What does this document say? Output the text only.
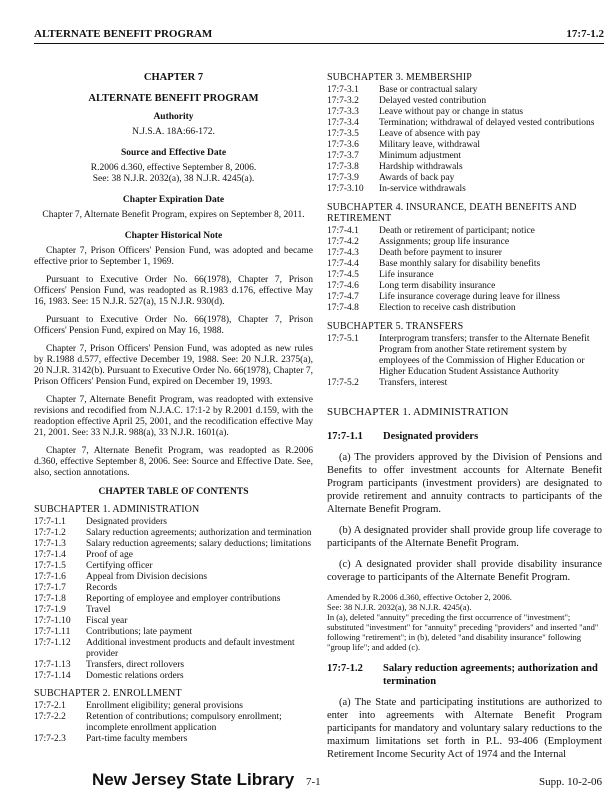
ALTERNATE BENEFIT PROGRAM	17:7-1.2
CHAPTER 7
ALTERNATE BENEFIT PROGRAM
Authority
N.J.S.A. 18A:66-172.
Source and Effective Date
R.2006 d.360, effective September 8, 2006.
See: 38 N.J.R. 2032(a), 38 N.J.R. 4245(a).
Chapter Expiration Date
Chapter 7, Alternate Benefit Program, expires on September 8, 2011.
Chapter Historical Note
Chapter 7, Prison Officers' Pension Fund, was adopted and became effective prior to September 1, 1969.
Pursuant to Executive Order No. 66(1978), Chapter 7, Prison Officers' Pension Fund, was readopted as R.1983 d.176, effective May 16, 1983. See: 15 N.J.R. 527(a), 15 N.J.R. 930(d).
Pursuant to Executive Order No. 66(1978), Chapter 7, Prison Officers' Pension Fund, expired on May 16, 1988.
Chapter 7, Prison Officers' Pension Fund, was adopted as new rules by R.1988 d.577, effective December 19, 1988. See: 20 N.J.R. 2375(a), 20 N.J.R. 3142(b). Pursuant to Executive Order No. 66(1978), Chapter 7, Prison Officers' Pension Fund, expired on December 19, 1993.
Chapter 7, Alternate Benefit Program, was readopted with extensive revisions and recodified from N.J.A.C. 17:1-2 by R.2001 d.159, with the readoption effective April 25, 2001, and the recodification effective May 21, 2001. See: 33 N.J.R. 988(a), 33 N.J.R. 1601(a).
Chapter 7, Alternate Benefit Program, was readopted as R.2006 d.360, effective September 8, 2006. See: Source and Effective Date. See, also, section annotations.
CHAPTER TABLE OF CONTENTS
SUBCHAPTER 1. ADMINISTRATION
17:7-1.1	Designated providers
17:7-1.2	Salary reduction agreements; authorization and termination
17:7-1.3	Salary reduction agreements; salary deductions; limitations
17:7-1.4	Proof of age
17:7-1.5	Certifying officer
17:7-1.6	Appeal from Division decisions
17:7-1.7	Records
17:7-1.8	Reporting of employee and employer contributions
17:7-1.9	Travel
17:7-1.10	Fiscal year
17:7-1.11	Contributions; late payment
17:7-1.12	Additional investment products and default investment provider
17:7-1.13	Transfers, direct rollovers
17:7-1.14	Domestic relations orders
SUBCHAPTER 2. ENROLLMENT
17:7-2.1	Enrollment eligibility; general provisions
17:7-2.2	Retention of contributions; compulsory enrollment; incomplete enrollment application
17:7-2.3	Part-time faculty members
SUBCHAPTER 3. MEMBERSHIP
17:7-3.1	Base or contractual salary
17:7-3.2	Delayed vested contribution
17:7-3.3	Leave without pay or change in status
17:7-3.4	Termination; withdrawal of delayed vested contributions
17:7-3.5	Leave of absence with pay
17:7-3.6	Military leave, withdrawal
17:7-3.7	Minimum adjustment
17:7-3.8	Hardship withdrawals
17:7-3.9	Awards of back pay
17:7-3.10	In-service withdrawals
SUBCHAPTER 4. INSURANCE, DEATH BENEFITS AND RETIREMENT
17:7-4.1	Death or retirement of participant; notice
17:7-4.2	Assignments; group life insurance
17:7-4.3	Death before payment to insurer
17:7-4.4	Base monthly salary for disability benefits
17:7-4.5	Life insurance
17:7-4.6	Long term disability insurance
17:7-4.7	Life insurance coverage during leave for illness
17:7-4.8	Election to receive cash distribution
SUBCHAPTER 5. TRANSFERS
17:7-5.1	Interprogram transfers; transfer to the Alternate Benefit Program from another State retirement system by employees of the Commission of Higher Education or Higher Education Student Assistance Authority
17:7-5.2	Transfers, interest
SUBCHAPTER 1. ADMINISTRATION
17:7-1.1	Designated providers
(a) The providers approved by the Division of Pensions and Benefits to offer investment accounts for Alternate Benefit Program participants (investment providers) are designated to provide retirement and annuity contracts to participants of the Alternate Benefit Program.
(b) A designated provider shall provide group life coverage to participants of the Alternate Benefit Program.
(c) A designated provider shall provide disability insurance coverage to participants of the Alternate Benefit Program.
Amended by R.2006 d.360, effective October 2, 2006.
See: 38 N.J.R. 2032(a), 38 N.J.R. 4245(a).
In (a), deleted "annuity" preceding the first occurrence of "investment"; substituted "investment" for "annuity" preceding "providers" and inserted "and" following "retirement"; in (b), deleted "and disability insurance" following "group life"; and added (c).
17:7-1.2	Salary reduction agreements; authorization and termination
(a) The State and participating institutions are authorized to enter into agreements with Alternate Benefit Program participants for mandatory and voluntary salary reductions to the maximum limitations set forth in P.L. 93-406 (Employment Retirement Income Security Act of 1974 and the Internal
New Jersey State Library 7-1	Supp. 10-2-06
